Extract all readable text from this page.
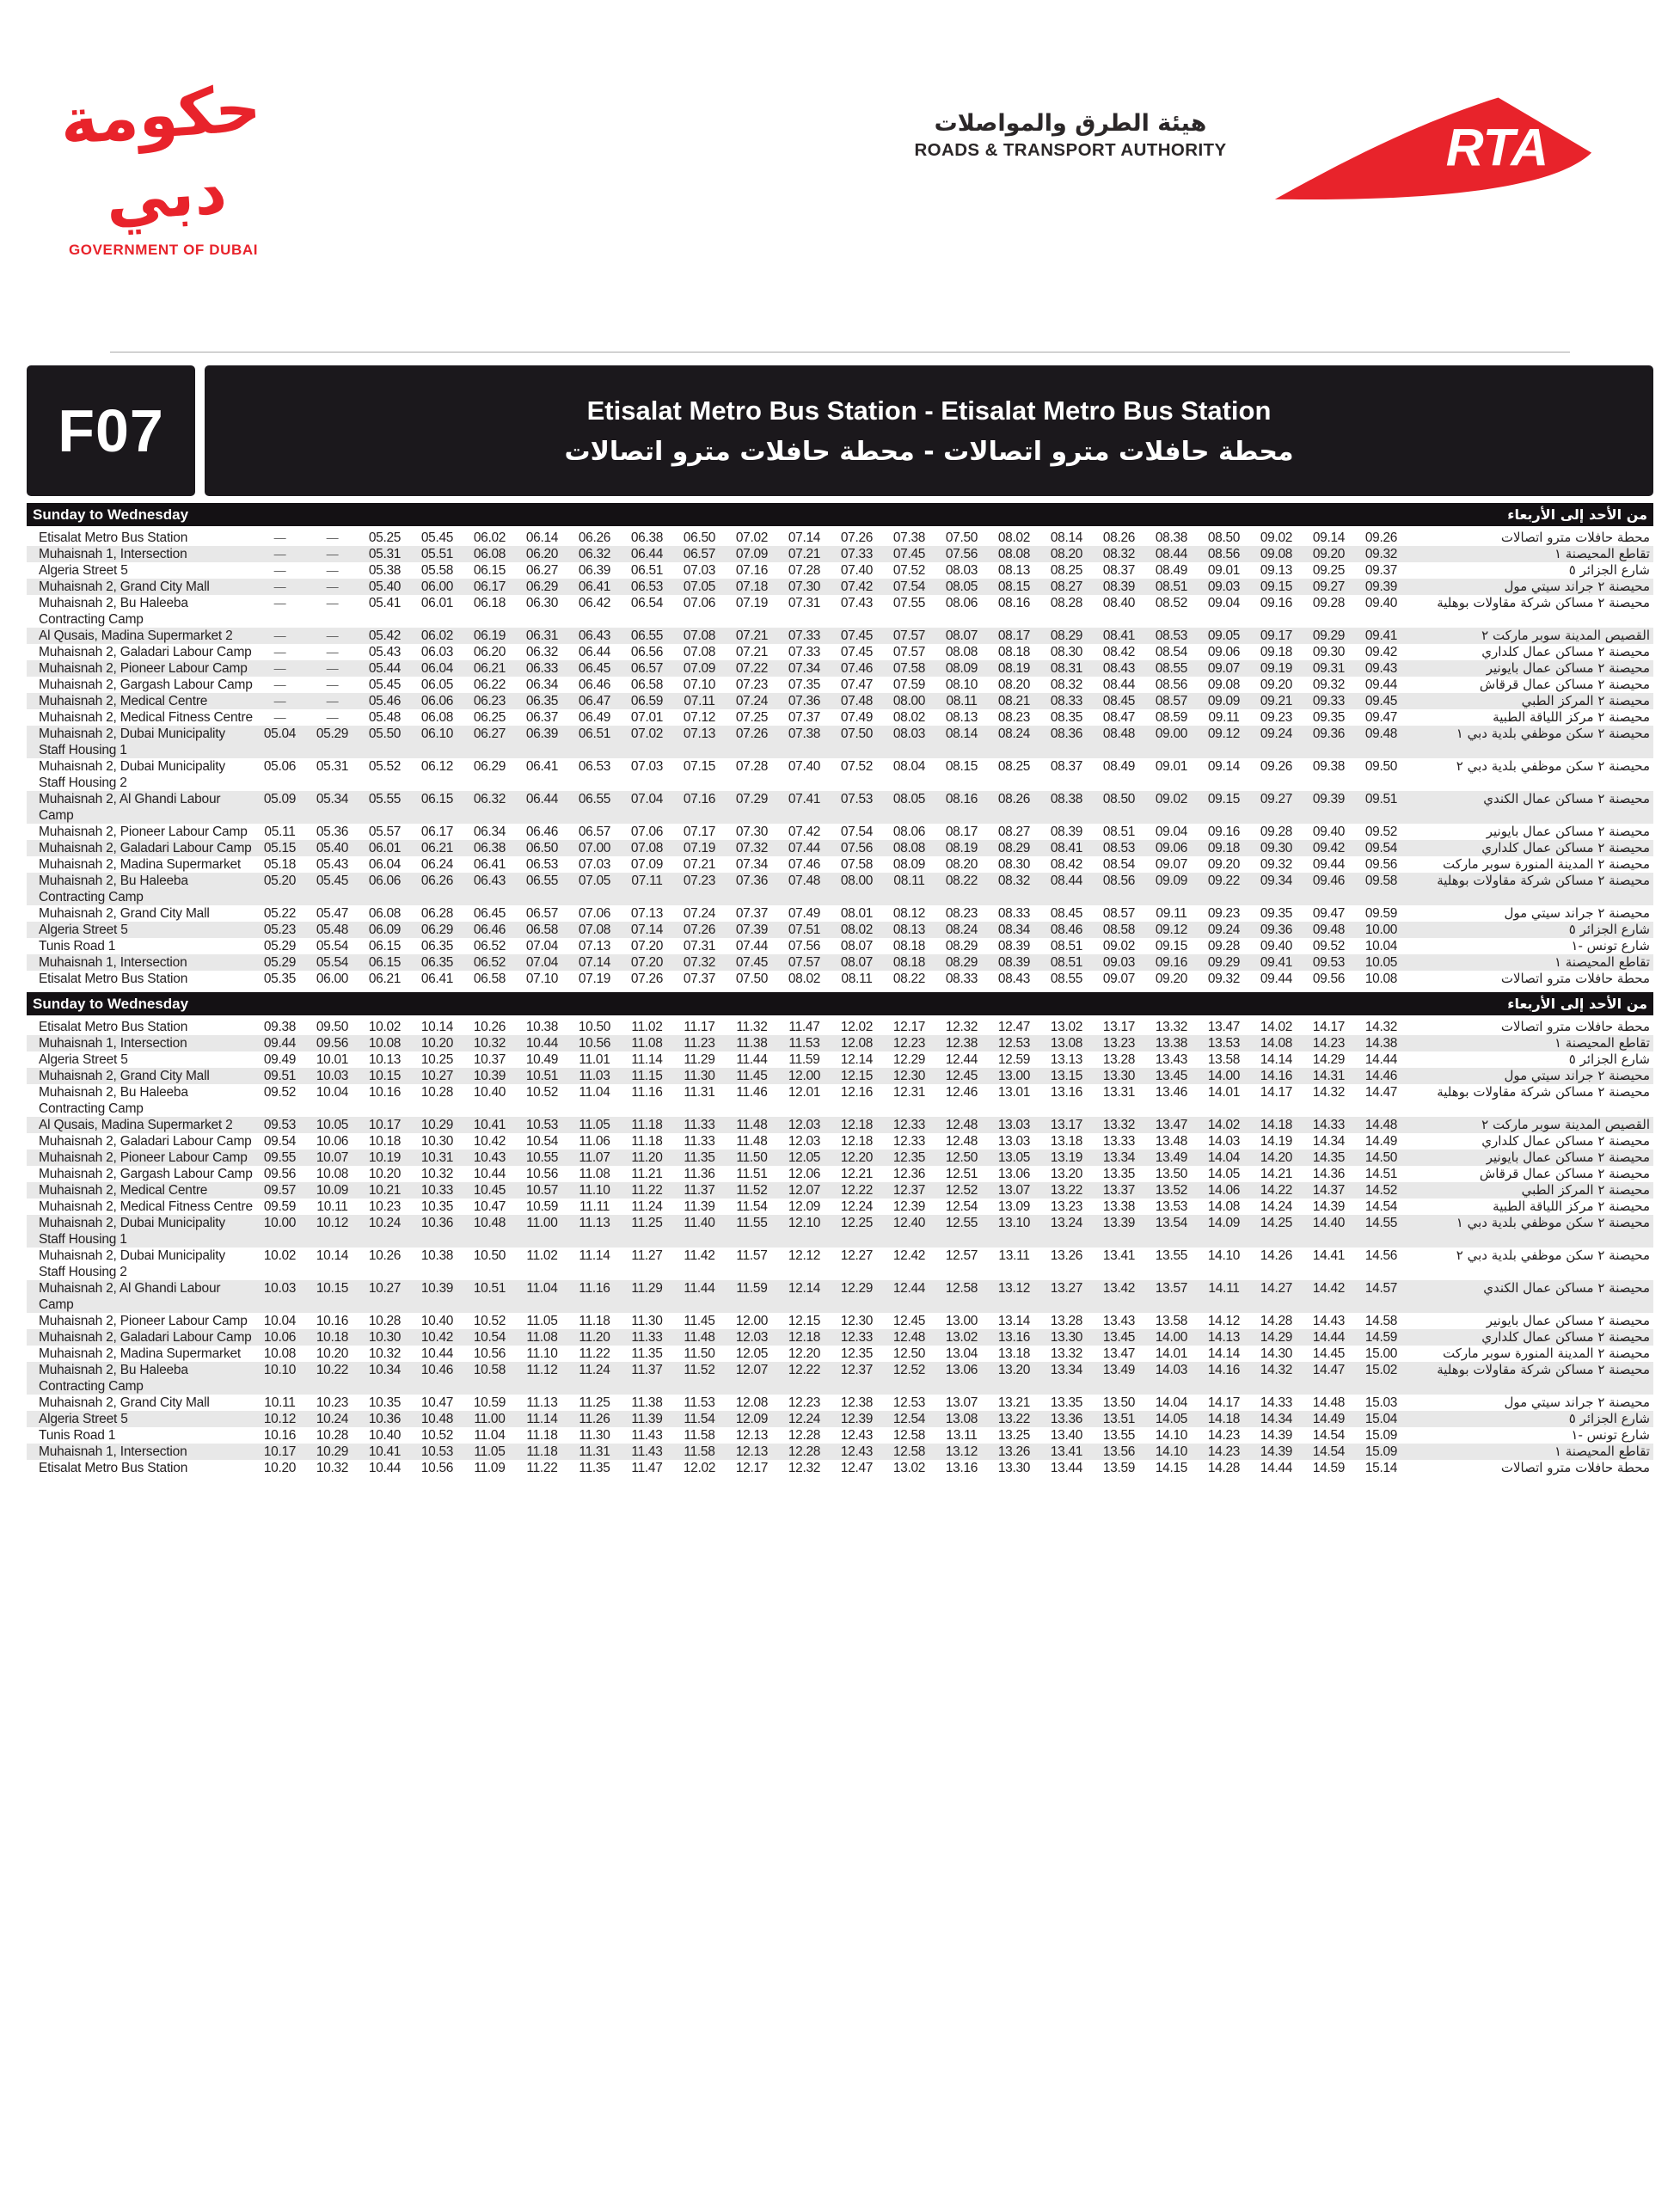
حكومة دبي
GOVERNMENT OF DUBAI
هيئة الطرق والمواصلات
ROADS & TRANSPORT AUTHORITY	RTA
F07	Etisalat Metro Bus Station - Etisalat Metro Bus Station
محطة حافلات مترو اتصالات - محطة حافلات مترو اتصالات
Sunday to Wednesday	من الأحد إلى الأربعاء
Etisalat Metro Bus Station	—	—	05.25	05.45	06.02	06.14	06.26	06.38	06.50	07.02	07.14	07.26	07.38	07.50	08.02	08.14	08.26	08.38	08.50	09.02	09.14	09.26	محطة حافلات مترو اتصالات
Muhaisnah 1, Intersection	—	—	05.31	05.51	06.08	06.20	06.32	06.44	06.57	07.09	07.21	07.33	07.45	07.56	08.08	08.20	08.32	08.44	08.56	09.08	09.20	09.32	تقاطع المحيصنة ١
Algeria Street 5	—	—	05.38	05.58	06.15	06.27	06.39	06.51	07.03	07.16	07.28	07.40	07.52	08.03	08.13	08.25	08.37	08.49	09.01	09.13	09.25	09.37	شارع الجزائر ٥
Muhaisnah 2, Grand City Mall	—	—	05.40	06.00	06.17	06.29	06.41	06.53	07.05	07.18	07.30	07.42	07.54	08.05	08.15	08.27	08.39	08.51	09.03	09.15	09.27	09.39	محيصنة ٢ جراند سيتي مول
Muhaisnah 2, Bu Haleeba Contracting Camp
—	—	05.41	06.01	06.18	06.30	06.42	06.54	07.06	07.19	07.31	07.43	07.55	08.06	08.16	08.28	08.40	08.52	09.04	09.16	09.28	09.40	محيصنة ٢ مساكن شركة مقاولات بوهلية
Al Qusais, Madina Supermarket 2	—	—	05.42	06.02	06.19	06.31	06.43	06.55	07.08	07.21	07.33	07.45	07.57	08.07	08.17	08.29	08.41	08.53	09.05	09.17	09.29	09.41	القصيص المدينة سوبر ماركت ٢
Muhaisnah 2, Galadari Labour Camp	—	—	05.43	06.03	06.20	06.32	06.44	06.56	07.08	07.21	07.33	07.45	07.57	08.08	08.18	08.30	08.42	08.54	09.06	09.18	09.30	09.42	محيصنة ٢ مساكن عمال كلداري
Muhaisnah 2, Pioneer Labour Camp	—	—	05.44	06.04	06.21	06.33	06.45	06.57	07.09	07.22	07.34	07.46	07.58	08.09	08.19	08.31	08.43	08.55	09.07	09.19	09.31	09.43	محيصنة ٢ مساكن عمال بايونير
Muhaisnah 2, Gargash Labour Camp	—	—	05.45	06.05	06.22	06.34	06.46	06.58	07.10	07.23	07.35	07.47	07.59	08.10	08.20	08.32	08.44	08.56	09.08	09.20	09.32	09.44	محيصنة ٢ مساكن عمال قرقاش
Muhaisnah 2, Medical Centre	—	—	05.46	06.06	06.23	06.35	06.47	06.59	07.11	07.24	07.36	07.48	08.00	08.11	08.21	08.33	08.45	08.57	09.09	09.21	09.33	09.45	محيصنة ٢ المركز الطبي
Muhaisnah 2, Medical Fitness Centre	—	—	05.48	06.08	06.25	06.37	06.49	07.01	07.12	07.25	07.37	07.49	08.02	08.13	08.23	08.35	08.47	08.59	09.11	09.23	09.35	09.47	محيصنة ٢ مركز اللياقة الطبية
Muhaisnah 2, Dubai Municipality Staff Housing 1
05.04	05.29	05.50	06.10	06.27	06.39	06.51	07.02	07.13	07.26	07.38	07.50	08.03	08.14	08.24	08.36	08.48	09.00	09.12	09.24	09.36	09.48	محيصنة ٢ سكن موظفي بلدية دبي ١
Muhaisnah 2, Dubai Municipality Staff Housing 2
05.06	05.31	05.52	06.12	06.29	06.41	06.53	07.03	07.15	07.28	07.40	07.52	08.04	08.15	08.25	08.37	08.49	09.01	09.14	09.26	09.38	09.50	محيصنة ٢ سكن موظفي بلدية دبي ٢
Muhaisnah 2, Al Ghandi Labour Camp
05.09	05.34	05.55	06.15	06.32	06.44	06.55	07.04	07.16	07.29	07.41	07.53	08.05	08.16	08.26	08.38	08.50	09.02	09.15	09.27	09.39	09.51	محيصنة ٢ مساكن عمال الكندي
Muhaisnah 2, Pioneer Labour Camp	05.11	05.36	05.57	06.17	06.34	06.46	06.57	07.06	07.17	07.30	07.42	07.54	08.06	08.17	08.27	08.39	08.51	09.04	09.16	09.28	09.40	09.52	محيصنة ٢ مساكن عمال بايونير
Muhaisnah 2, Galadari Labour Camp 05.15	05.40	06.01	06.21	06.38	06.50	07.00	07.08	07.19	07.32	07.44	07.56	08.08	08.19	08.29	08.41	08.53	09.06	09.18	09.30	09.42	09.54	محيصنة ٢ مساكن عمال كلداري
Muhaisnah 2, Madina Supermarket	05.18	05.43	06.04	06.24	06.41	06.53	07.03	07.09	07.21	07.34	07.46	07.58	08.09	08.20	08.30	08.42	08.54	09.07	09.20	09.32	09.44	09.56	محيصنة ٢ المدينة المنورة سوبر ماركت
Muhaisnah 2, Bu Haleeba Contracting Camp
05.20	05.45	06.06	06.26	06.43	06.55	07.05	07.11	07.23	07.36	07.48	08.00	08.11	08.22	08.32	08.44	08.56	09.09	09.22	09.34	09.46	09.58	محيصنة ٢ مساكن شركة مقاولات بوهلية
Muhaisnah 2, Grand City Mall	05.22	05.47	06.08	06.28	06.45	06.57	07.06	07.13	07.24	07.37	07.49	08.01	08.12	08.23	08.33	08.45	08.57	09.11	09.23	09.35	09.47	09.59	محيصنة ٢ جراند سيتي مول
Algeria Street 5	05.23	05.48	06.09	06.29	06.46	06.58	07.08	07.14	07.26	07.39	07.51	08.02	08.13	08.24	08.34	08.46	08.58	09.12	09.24	09.36	09.48	10.00	شارع الجزائر ٥
Tunis Road 1	05.29	05.54	06.15	06.35	06.52	07.04	07.13	07.20	07.31	07.44	07.56	08.07	08.18	08.29	08.39	08.51	09.02	09.15	09.28	09.40	09.52	10.04	شارع تونس -١
Muhaisnah 1, Intersection	05.29	05.54	06.15	06.35	06.52	07.04	07.14	07.20	07.32	07.45	07.57	08.07	08.18	08.29	08.39	08.51	09.03	09.16	09.29	09.41	09.53	10.05	تقاطع المحيصنة ١
Etisalat Metro Bus Station	05.35	06.00	06.21	06.41	06.58	07.10	07.19	07.26	07.37	07.50	08.02	08.11	08.22	08.33	08.43	08.55	09.07	09.20	09.32	09.44	09.56	10.08	محطة حافلات مترو اتصالات
Sunday to Wednesday	من الأحد إلى الأربعاء
Etisalat Metro Bus Station	09.38	09.50	10.02	10.14	10.26	10.38	10.50	11.02	11.17	11.32	11.47	12.02	12.17	12.32	12.47	13.02	13.17	13.32	13.47	14.02	14.17	14.32	محطة حافلات مترو اتصالات
Muhaisnah 1, Intersection	09.44	09.56	10.08	10.20	10.32	10.44	10.56	11.08	11.23	11.38	11.53	12.08	12.23	12.38	12.53	13.08	13.23	13.38	13.53	14.08	14.23	14.38	تقاطع المحيصنة ١
Algeria Street 5	09.49	10.01	10.13	10.25	10.37	10.49	11.01	11.14	11.29	11.44	11.59	12.14	12.29	12.44	12.59	13.13	13.28	13.43	13.58	14.14	14.29	14.44	شارع الجزائر ٥
Muhaisnah 2, Grand City Mall	09.51	10.03	10.15	10.27	10.39	10.51	11.03	11.15	11.30	11.45	12.00	12.15	12.30	12.45	13.00	13.15	13.30	13.45	14.00	14.16	14.31	14.46	محيصنة ٢ جراند سيتي مول
Muhaisnah 2, Bu Haleeba Contracting Camp
09.52	10.04	10.16	10.28	10.40	10.52	11.04	11.16	11.31	11.46	12.01	12.16	12.31	12.46	13.01	13.16	13.31	13.46	14.01	14.17	14.32	14.47	محيصنة ٢ مساكن شركة مقاولات بوهلية
Al Qusais, Madina Supermarket 2	09.53	10.05	10.17	10.29	10.41	10.53	11.05	11.18	11.33	11.48	12.03	12.18	12.33	12.48	13.03	13.17	13.32	13.47	14.02	14.18	14.33	14.48	القصيص المدينة سوبر ماركت ٢
Muhaisnah 2, Galadari Labour Camp 09.54	10.06	10.18	10.30	10.42	10.54	11.06	11.18	11.33	11.48	12.03	12.18	12.33	12.48	13.03	13.18	13.33	13.48	14.03	14.19	14.34	14.49	محيصنة ٢ مساكن عمال كلداري
Muhaisnah 2, Pioneer Labour Camp	09.55	10.07	10.19	10.31	10.43	10.55	11.07	11.20	11.35	11.50	12.05	12.20	12.35	12.50	13.05	13.19	13.34	13.49	14.04	14.20	14.35	14.50	محيصنة ٢ مساكن عمال بايونير
Muhaisnah 2, Gargash Labour Camp 09.56	10.08	10.20	10.32	10.44	10.56	11.08	11.21	11.36	11.51	12.06	12.21	12.36	12.51	13.06	13.20	13.35	13.50	14.05	14.21	14.36	14.51	محيصنة ٢ مساكن عمال قرقاش
Muhaisnah 2, Medical Centre	09.57	10.09	10.21	10.33	10.45	10.57	11.10	11.22	11.37	11.52	12.07	12.22	12.37	12.52	13.07	13.22	13.37	13.52	14.06	14.22	14.37	14.52	محيصنة ٢ المركز الطبي
Muhaisnah 2, Medical Fitness Centre 09.59	10.11	10.23	10.35	10.47	10.59	11.11	11.24	11.39	11.54	12.09	12.24	12.39	12.54	13.09	13.23	13.38	13.53	14.08	14.24	14.39	14.54	محيصنة ٢ مركز اللياقة الطبية
Muhaisnah 2, Dubai Municipality Staff Housing 1
10.00	10.12	10.24	10.36	10.48	11.00	11.13	11.25	11.40	11.55	12.10	12.25	12.40	12.55	13.10	13.24	13.39	13.54	14.09	14.25	14.40	14.55	محيصنة ٢ سكن موظفي بلدية دبي ١
Muhaisnah 2, Dubai Municipality Staff Housing 2
10.02	10.14	10.26	10.38	10.50	11.02	11.14	11.27	11.42	11.57	12.12	12.27	12.42	12.57	13.11	13.26	13.41	13.55	14.10	14.26	14.41	14.56	محيصنة ٢ سكن موظفي بلدية دبي ٢
Muhaisnah 2, Al Ghandi Labour Camp
10.03	10.15	10.27	10.39	10.51	11.04	11.16	11.29	11.44	11.59	12.14	12.29	12.44	12.58	13.12	13.27	13.42	13.57	14.11	14.27	14.42	14.57	محيصنة ٢ مساكن عمال الكندي
Muhaisnah 2, Pioneer Labour Camp	10.04	10.16	10.28	10.40	10.52	11.05	11.18	11.30	11.45	12.00	12.15	12.30	12.45	13.00	13.14	13.28	13.43	13.58	14.12	14.28	14.43	14.58	محيصنة ٢ مساكن عمال بايونير
Muhaisnah 2, Galadari Labour Camp 10.06	10.18	10.30	10.42	10.54	11.08	11.20	11.33	11.48	12.03	12.18	12.33	12.48	13.02	13.16	13.30	13.45	14.00	14.13	14.29	14.44	14.59	محيصنة ٢ مساكن عمال كلداري
Muhaisnah 2, Madina Supermarket	10.08	10.20	10.32	10.44	10.56	11.10	11.22	11.35	11.50	12.05	12.20	12.35	12.50	13.04	13.18	13.32	13.47	14.01	14.14	14.30	14.45	15.00	محيصنة ٢ المدينة المنورة سوبر ماركت
Muhaisnah 2, Bu Haleeba Contracting Camp
10.10	10.22	10.34	10.46	10.58	11.12	11.24	11.37	11.52	12.07	12.22	12.37	12.52	13.06	13.20	13.34	13.49	14.03	14.16	14.32	14.47	15.02	محيصنة ٢ مساكن شركة مقاولات بوهلية
Muhaisnah 2, Grand City Mall	10.11	10.23	10.35	10.47	10.59	11.13	11.25	11.38	11.53	12.08	12.23	12.38	12.53	13.07	13.21	13.35	13.50	14.04	14.17	14.33	14.48	15.03	محيصنة ٢ جراند سيتي مول
Algeria Street 5	10.12	10.24	10.36	10.48	11.00	11.14	11.26	11.39	11.54	12.09	12.24	12.39	12.54	13.08	13.22	13.36	13.51	14.05	14.18	14.34	14.49	15.04	شارع الجزائر ٥
Tunis Road 1	10.16	10.28	10.40	10.52	11.04	11.18	11.30	11.43	11.58	12.13	12.28	12.43	12.58	13.11	13.25	13.40	13.55	14.10	14.23	14.39	14.54	15.09	شارع تونس -١
Muhaisnah 1, Intersection	10.17	10.29	10.41	10.53	11.05	11.18	11.31	11.43	11.58	12.13	12.28	12.43	12.58	13.12	13.26	13.41	13.56	14.10	14.23	14.39	14.54	15.09	تقاطع المحيصنة ١
Etisalat Metro Bus Station	10.20	10.32	10.44	10.56	11.09	11.22	11.35	11.47	12.02	12.17	12.32	12.47	13.02	13.16	13.30	13.44	13.59	14.15	14.28	14.44	14.59	15.14	محطة حافلات مترو اتصالات
